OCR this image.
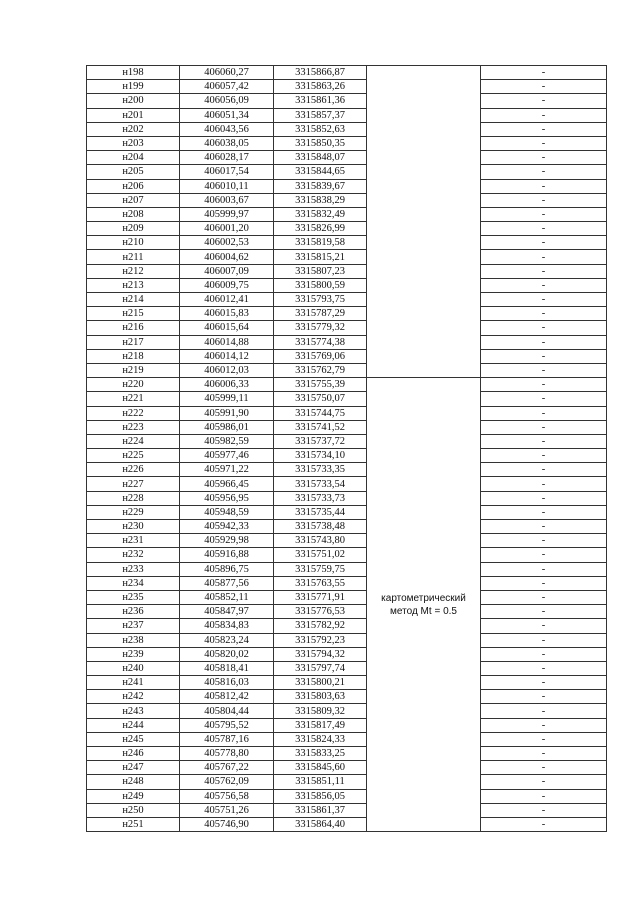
н198	406060,27	3315866,87		-
н199	406057,42	3315863,26		-
н200	406056,09	3315861,36		-
н201	406051,34	3315857,37		-
н202	406043,56	3315852,63		-
н203	406038,05	3315850,35		-
н204	406028,17	3315848,07		-
н205	406017,54	3315844,65		-
н206	406010,11	3315839,67		-
н207	406003,67	3315838,29		-
н208	405999,97	3315832,49		-
н209	406001,20	3315826,99		-
н210	406002,53	3315819,58		-
н211	406004,62	3315815,21		-
н212	406007,09	3315807,23		-
н213	406009,75	3315800,59		-
н214	406012,41	3315793,75		-
н215	406015,83	3315787,29		-
н216	406015,64	3315779,32		-
н217	406014,88	3315774,38		-
н218	406014,12	3315769,06		-
н219	406012,03	3315762,79		-
н220	406006,33	3315755,39	картометрический метод Mt = 0.5	-
н221	405999,11	3315750,07		-
н222	405991,90	3315744,75		-
н223	405986,01	3315741,52		-
н224	405982,59	3315737,72		-
н225	405977,46	3315734,10		-
н226	405971,22	3315733,35		-
н227	405966,45	3315733,54		-
н228	405956,95	3315733,73		-
н229	405948,59	3315735,44		-
н230	405942,33	3315738,48		-
н231	405929,98	3315743,80		-
н232	405916,88	3315751,02		-
н233	405896,75	3315759,75		-
н234	405877,56	3315763,55		-
н235	405852,11	3315771,91		-
н236	405847,97	3315776,53		-
н237	405834,83	3315782,92		-
н238	405823,24	3315792,23		-
н239	405820,02	3315794,32		-
н240	405818,41	3315797,74		-
н241	405816,03	3315800,21		-
н242	405812,42	3315803,63		-
н243	405804,44	3315809,32		-
н244	405795,52	3315817,49		-
н245	405787,16	3315824,33		-
н246	405778,80	3315833,25		-
н247	405767,22	3315845,60		-
н248	405762,09	3315851,11		-
н249	405756,58	3315856,05		-
н250	405751,26	3315861,37		-
н251	405746,90	3315864,40		-
